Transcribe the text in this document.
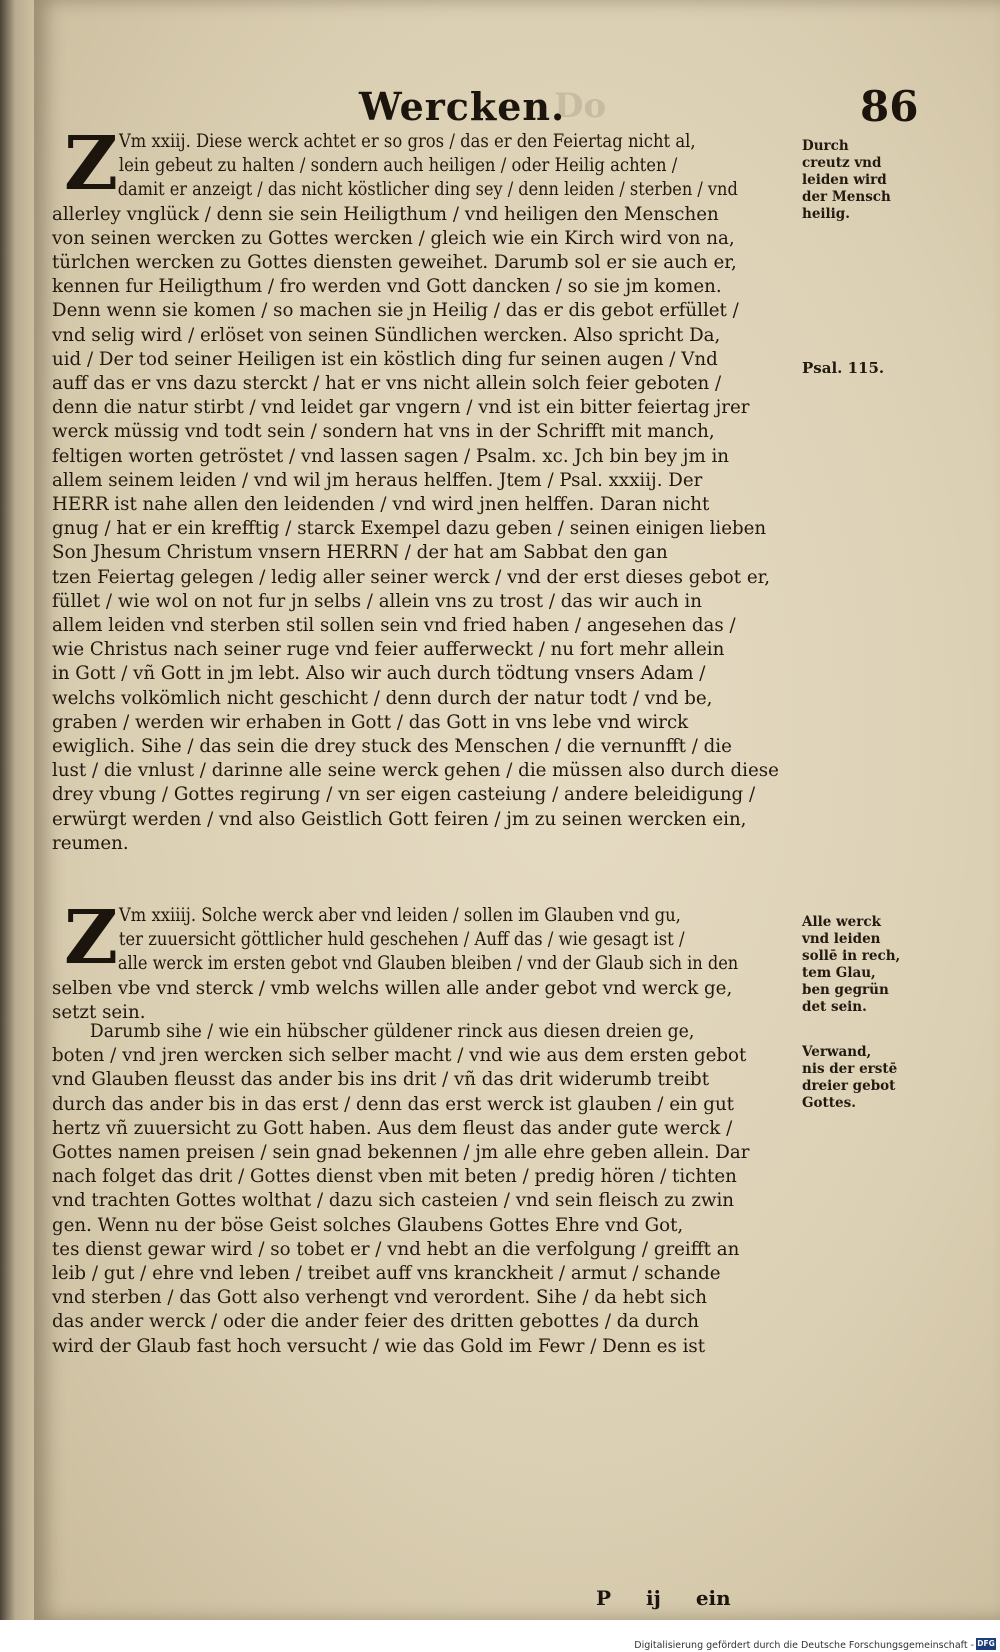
Do
Wercken.	86
Z Vm xxiij. Diese werck achtet er so gros / das er den Feiertag nicht al,
lein gebeut zu halten / sondern auch heiligen / oder Heilig achten /
damit er anzeigt / das nicht köstlicher ding sey / denn leiden / sterben / vnd
allerley vnglück / denn sie sein Heiligthum / vnd heiligen den Menschen
von seinen wercken zu Gottes wercken / gleich wie ein Kirch wird von na,
türlchen wercken zu Gottes diensten geweihet. Darumb sol er sie auch er,
kennen fur Heiligthum / fro werden vnd Gott dancken / so sie jm komen.
Denn wenn sie komen / so machen sie jn Heilig / das er dis gebot erfüllet /
vnd selig wird / erlöset von seinen Sündlichen wercken. Also spricht Da,
uid / Der tod seiner Heiligen ist ein köstlich ding fur seinen augen / Vnd
auff das er vns dazu sterckt / hat er vns nicht allein solch feier geboten /
denn die natur stirbt / vnd leidet gar vngern / vnd ist ein bitter feiertag jrer
werck müssig vnd todt sein / sondern hat vns in der Schrifft mit manch,
feltigen worten getröstet / vnd lassen sagen / Psalm. xc. Jch bin bey jm in
allem seinem leiden / vnd wil jm heraus helffen. Jtem / Psal. xxxiij. Der
HERR ist nahe allen den leidenden / vnd wird jnen helffen. Daran nicht
gnug / hat er ein krefftig / starck Exempel dazu geben / seinen einigen lieben
Son Jhesum Christum vnsern HERRN / der hat am Sabbat den gan
tzen Feiertag gelegen / ledig aller seiner werck / vnd der erst dieses gebot er,
füllet / wie wol on not fur jn selbs / allein vns zu trost / das wir auch in
allem leiden vnd sterben stil sollen sein vnd fried haben / angesehen das /
wie Christus nach seiner ruge vnd feier aufferweckt / nu fort mehr allein
in Gott / vñ Gott in jm lebt. Also wir auch durch tödtung vnsers Adam /
welchs volkömlich nicht geschicht / denn durch der natur todt / vnd be,
graben / werden wir erhaben in Gott / das Gott in vns lebe vnd wirck
ewiglich. Sihe / das sein die drey stuck des Menschen / die vernunfft / die
lust / die vnlust / darinne alle seine werck gehen / die müssen also durch diese
drey vbung / Gottes regirung / vn ser eigen casteiung / andere beleidigung /
erwürgt werden / vnd also Geistlich Gott feiren / jm zu seinen wercken ein,
reumen.
Z Vm xxiiij. Solche werck aber vnd leiden / sollen im Glauben vnd gu,
ter zuuersicht göttlicher huld geschehen / Auff das / wie gesagt ist /
alle werck im ersten gebot vnd Glauben bleiben / vnd der Glaub sich in den
selben vbe vnd sterck / vmb welchs willen alle ander gebot vnd werck ge,
setzt sein.
Darumb sihe / wie ein hübscher güldener rinck aus diesen dreien ge,
boten / vnd jren wercken sich selber macht / vnd wie aus dem ersten gebot
vnd Glauben fleusst das ander bis ins drit / vñ das drit widerumb treibt
durch das ander bis in das erst / denn das erst werck ist glauben / ein gut
hertz vñ zuuersicht zu Gott haben. Aus dem fleust das ander gute werck /
Gottes namen preisen / sein gnad bekennen / jm alle ehre geben allein. Dar
nach folget das drit / Gottes dienst vben mit beten / predig hören / tichten
vnd trachten Gottes wolthat / dazu sich casteien / vnd sein fleisch zu zwin
gen. Wenn nu der böse Geist solches Glaubens Gottes Ehre vnd Got,
tes dienst gewar wird / so tobet er / vnd hebt an die verfolgung / greifft an
leib / gut / ehre vnd leben / treibet auff vns kranckheit / armut / schande
vnd sterben / das Gott also verhengt vnd verordent. Sihe / da hebt sich
das ander werck / oder die ander feier des dritten gebottes / da durch
wird der Glaub fast hoch versucht / wie das Gold im Fewr / Denn es ist
Durch
creutz vnd
leiden wird
der Mensch
heilig.
Psal. 115.
Alle werck
vnd leiden
sollē in rech,
tem Glau,
ben gegrün
det sein.
Verwand,
nis der erstē
dreier gebot
Gottes.
P ij ein
Digitalisierung gefördert durch die Deutsche Forschungsgemeinschaft - DFG
